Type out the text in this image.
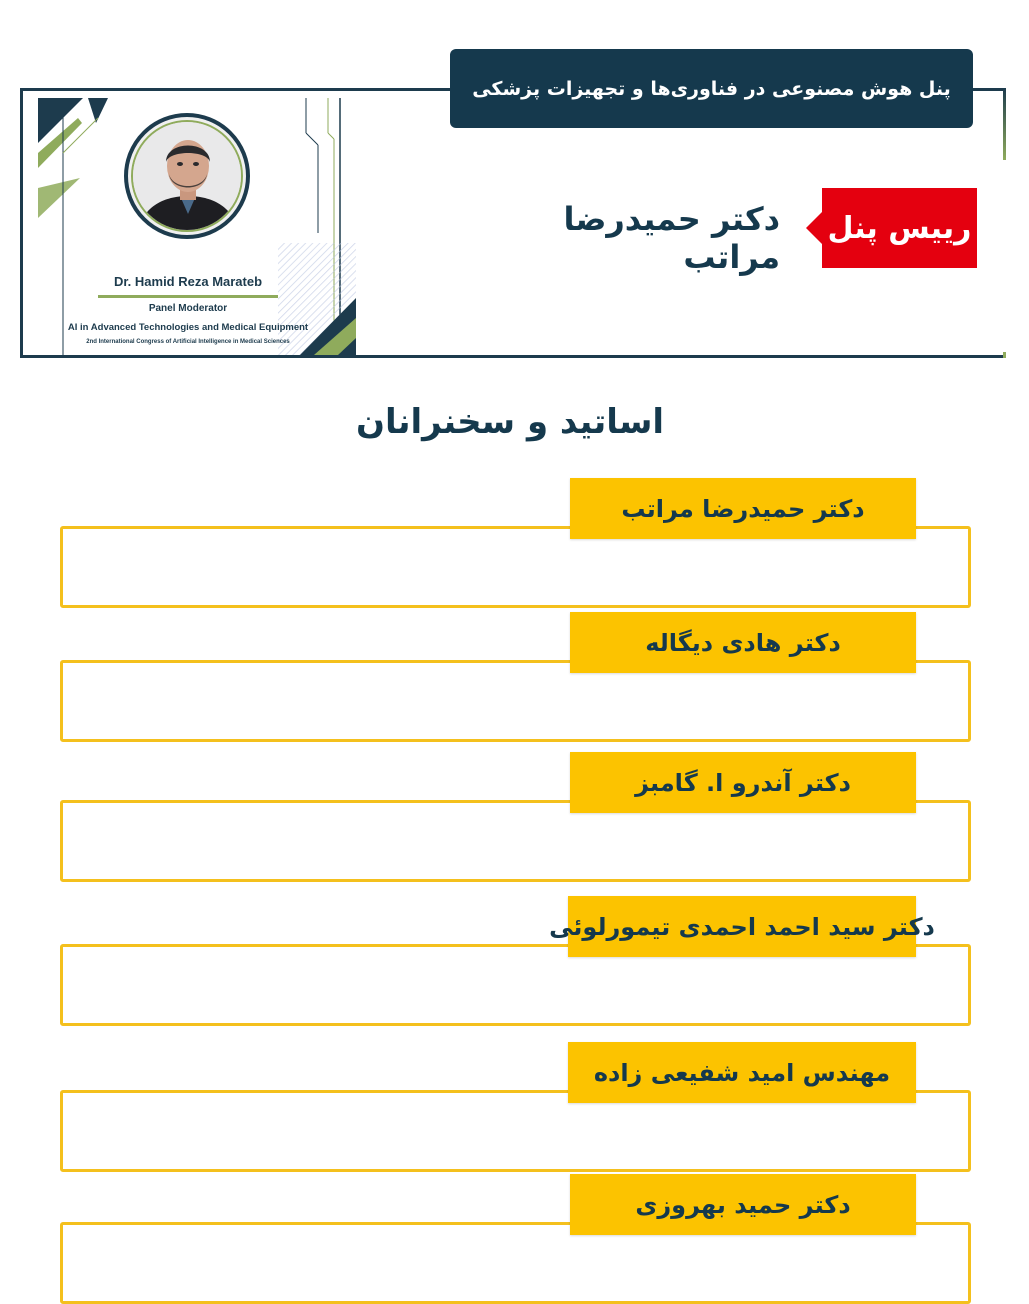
پنل هوش مصنوعی در فناوری‌ها و تجهیزات پزشکی
Dr. Hamid Reza Marateb
Panel Moderator
AI in Advanced Technologies and Medical Equipment
2nd International Congress of Artificial Intelligence in Medical Sciences
دکتر حمیدرضا مراتب
رییس پنل
اساتید و سخنرانان
دکتر حمیدرضا مراتب
دکتر هادی دیگاله
دکتر آندرو ا. گامبز
دکتر سید احمد احمدی تیمورلوئی
مهندس امید شفیعی زاده
دکتر حمید بهروزی
